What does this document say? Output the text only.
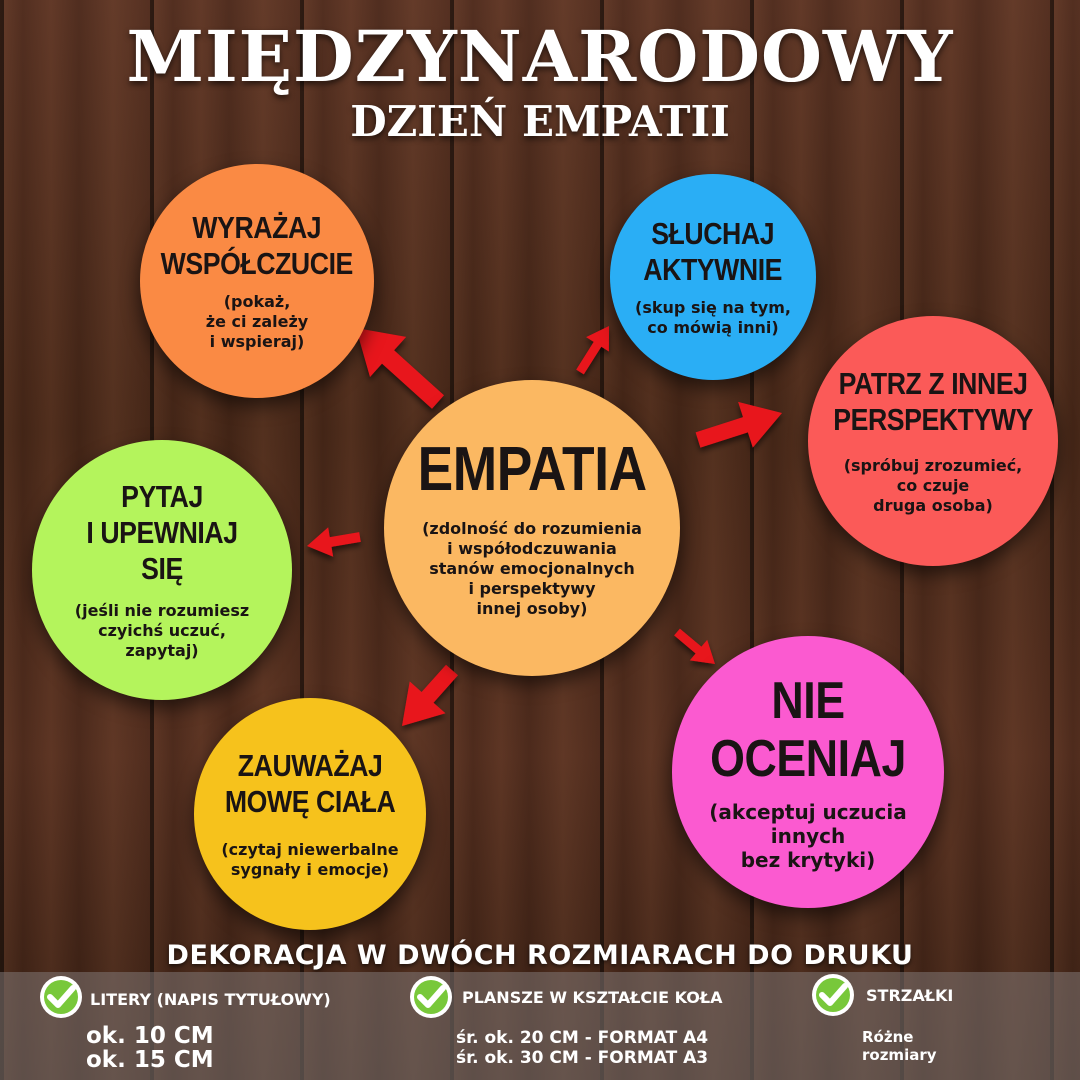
MIĘDZYNARODOWY
DZIEŃ EMPATII
WYRAŻAJ
WSPÓŁCZUCIE
(pokaż,
że ci zależy
i wspieraj)
SŁUCHAJ
AKTYWNIE
(skup się na tym,
co mówią inni)
PATRZ Z INNEJ
PERSPEKTYWY
(spróbuj zrozumieć,
co czuje
druga osoba)
PYTAJ
I UPEWNIAJ SIĘ
(jeśli nie rozumiesz
czyichś uczuć,
zapytaj)
EMPATIA
(zdolność do rozumienia
i współodczuwania
stanów emocjonalnych
i perspektywy
innej osoby)
ZAUWAŻAJ
MOWĘ CIAŁA
(czytaj niewerbalne
sygnały i emocje)
NIE OCENIAJ
(akceptuj uczucia
innych
bez krytyki)
DEKORACJA W DWÓCH ROZMIARACH DO DRUKU
LITERY (NAPIS TYTUŁOWY)
ok. 10 CM
ok. 15 CM
PLANSZE W KSZTAŁCIE KOŁA
śr. ok. 20 CM - FORMAT A4
śr. ok. 30 CM - FORMAT A3
STRZAŁKI
Różne
rozmiary
